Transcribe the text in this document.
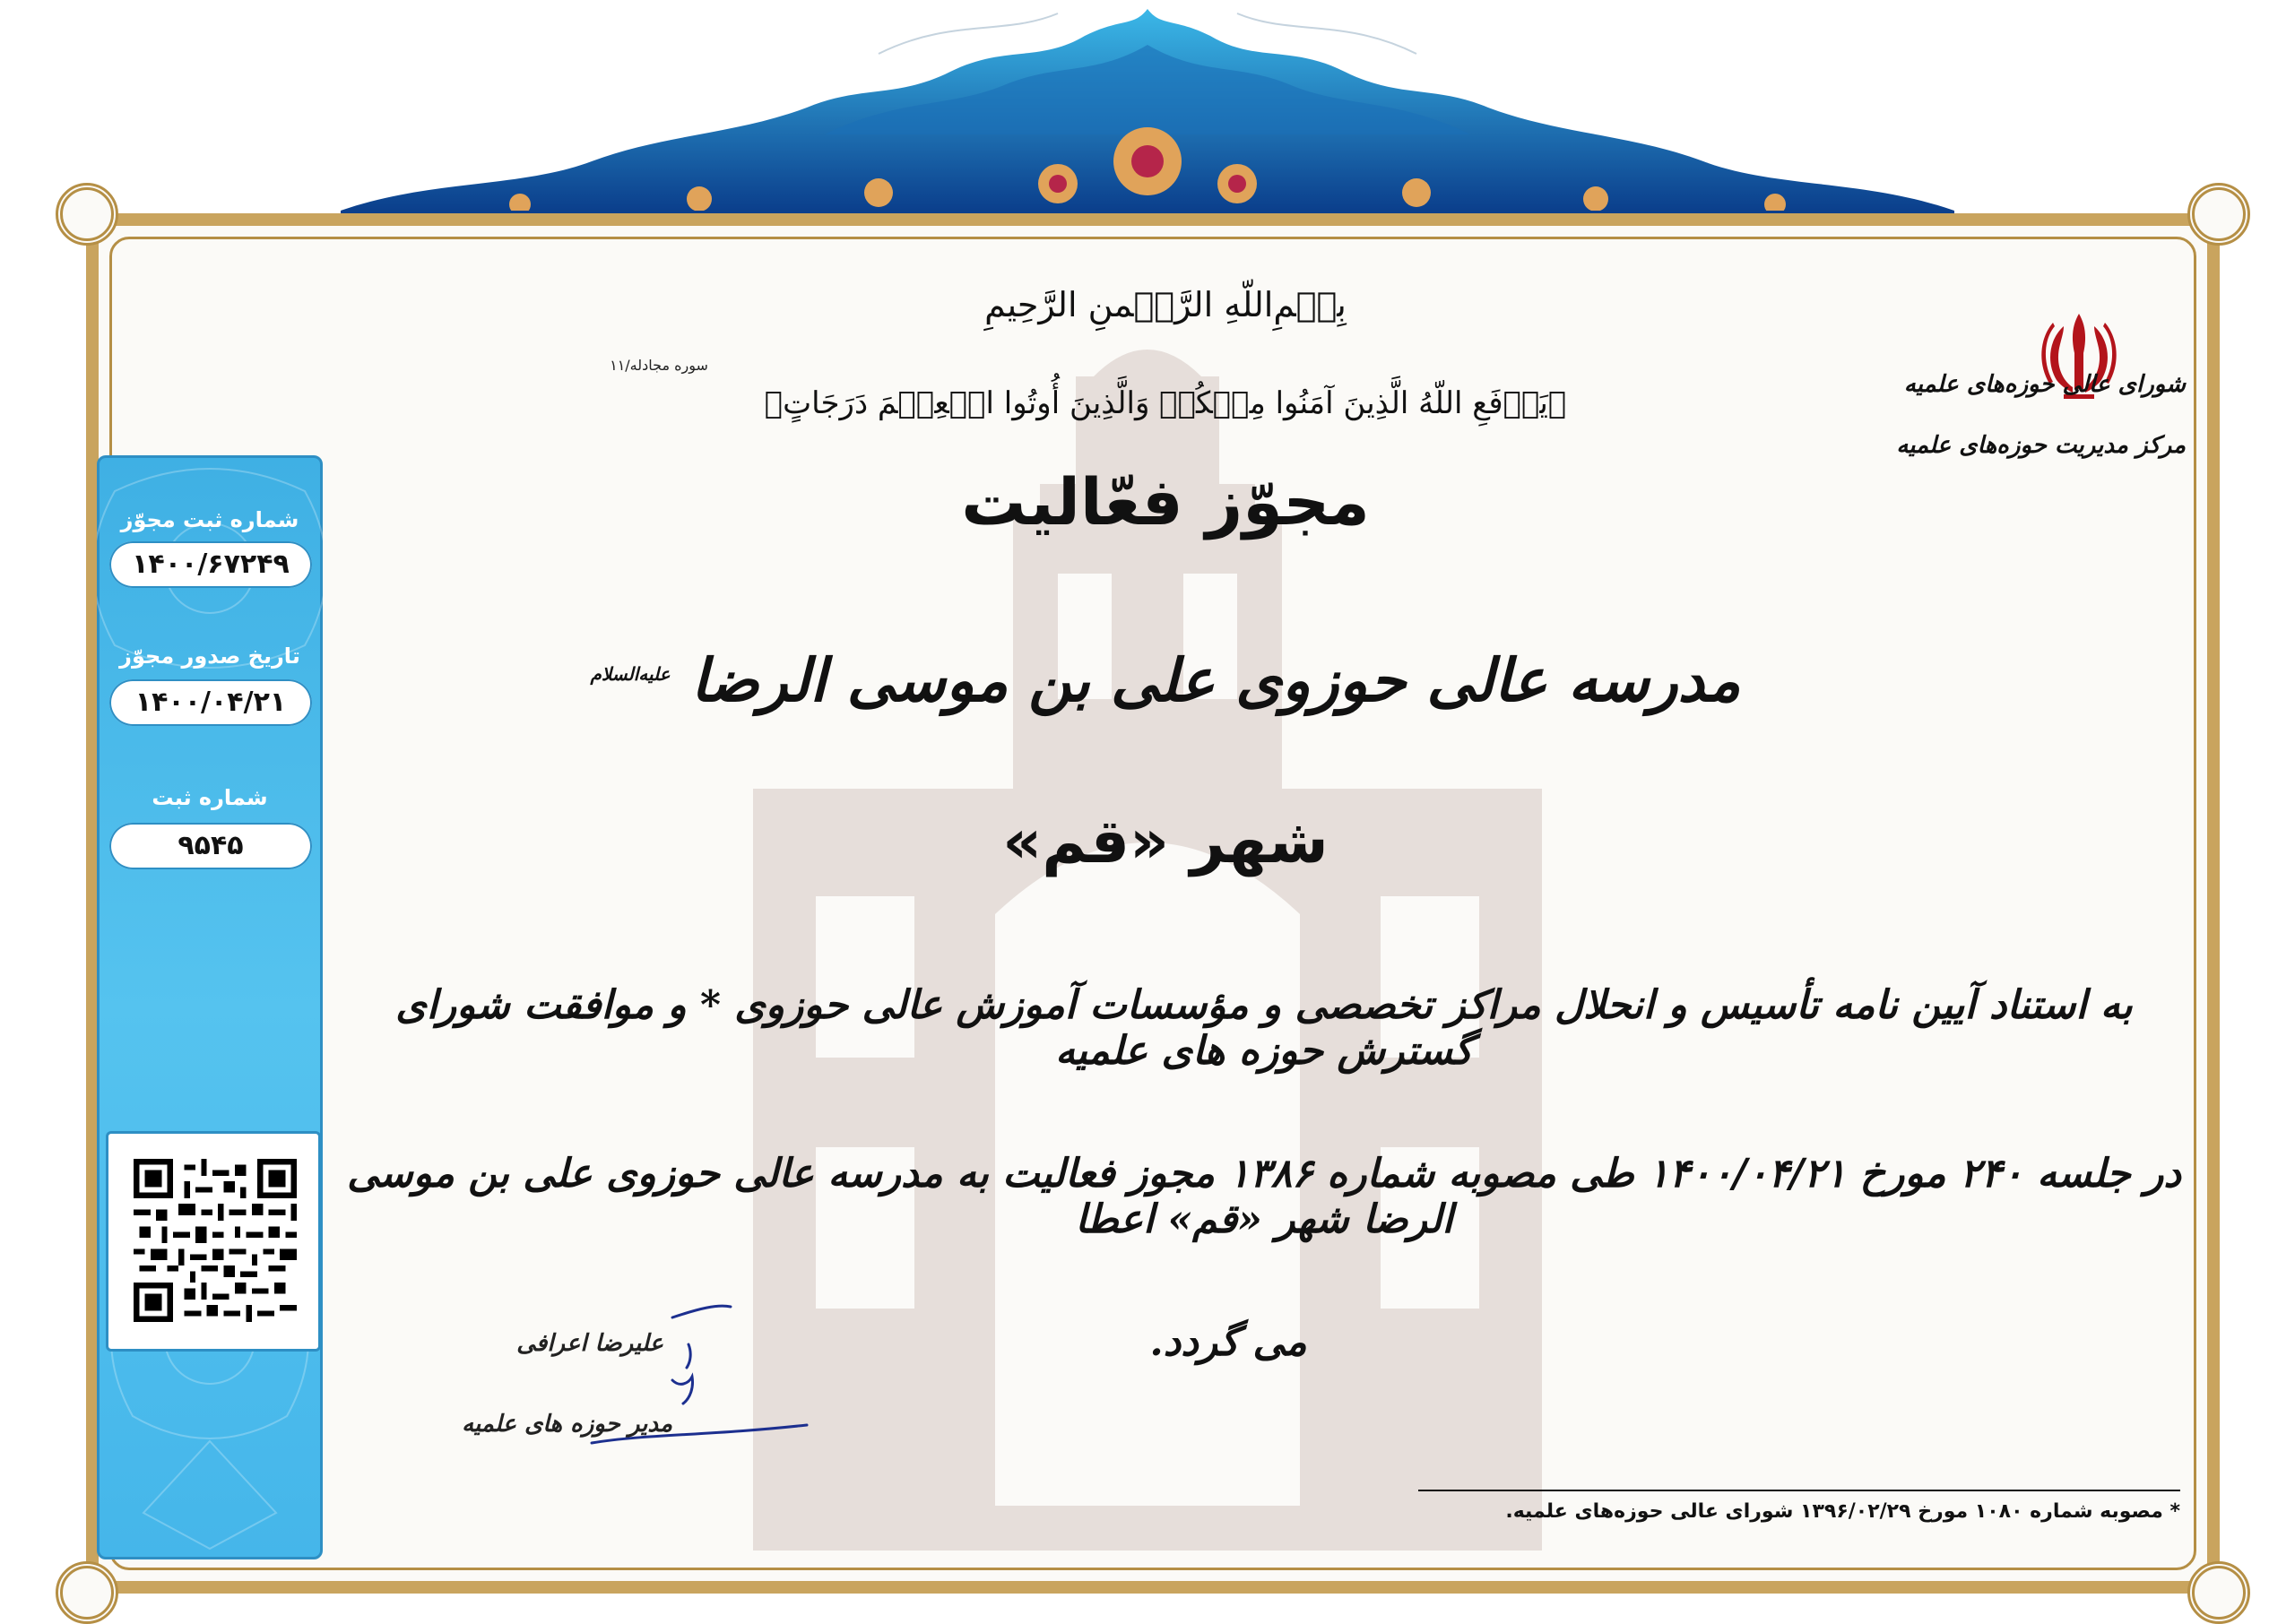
شماره ثبت مجوّز
۱۴۰۰/۶۷۲۴۹
تاریخ صدور مجوّز
۱۴۰۰/۰۴/۲۱
شماره ثبت
۹۵۴۵
شورای عالی حوزه‌های علمیه
مرکز مدیریت حوزه‌های علمیه
بِسۡمِ‌اللّهِ الرَّحۡمنِ الرَّحِیمِ
سوره مجادله/۱۱
﴿یَرۡفَعِ اللّهُ الَّذِینَ آمَنُوا مِنۡکُمۡ وَالَّذِینَ أُوتُوا الۡعِلۡمَ دَرَجَاتٍ﴾
مجوّز فعّالیت
مدرسه عالی حوزوی علی بن موسی الرضا $^{علیه‌السلام}$
شهر «قم»
به استناد آیین نامه تأسیس و انحلال مراکز تخصصی و مؤسسات آموزش عالی حوزوی * و موافقت شورای گسترش حوزه های علمیه
در جلسه ۲۴۰ مورخ ۱۴۰۰/۰۴/۲۱ طی مصوبه شماره ۱۳۸۶ مجوز فعالیت به مدرسه عالی حوزوی علی بن موسی الرضا شهر «قم» اعطا
می گردد.
علیرضا اعرافی
مدیر حوزه های علمیه
* مصوبه شماره ۱۰۸۰ مورخ ۱۳۹۶/۰۲/۲۹ شورای عالی حوزه‌های علمیه.
